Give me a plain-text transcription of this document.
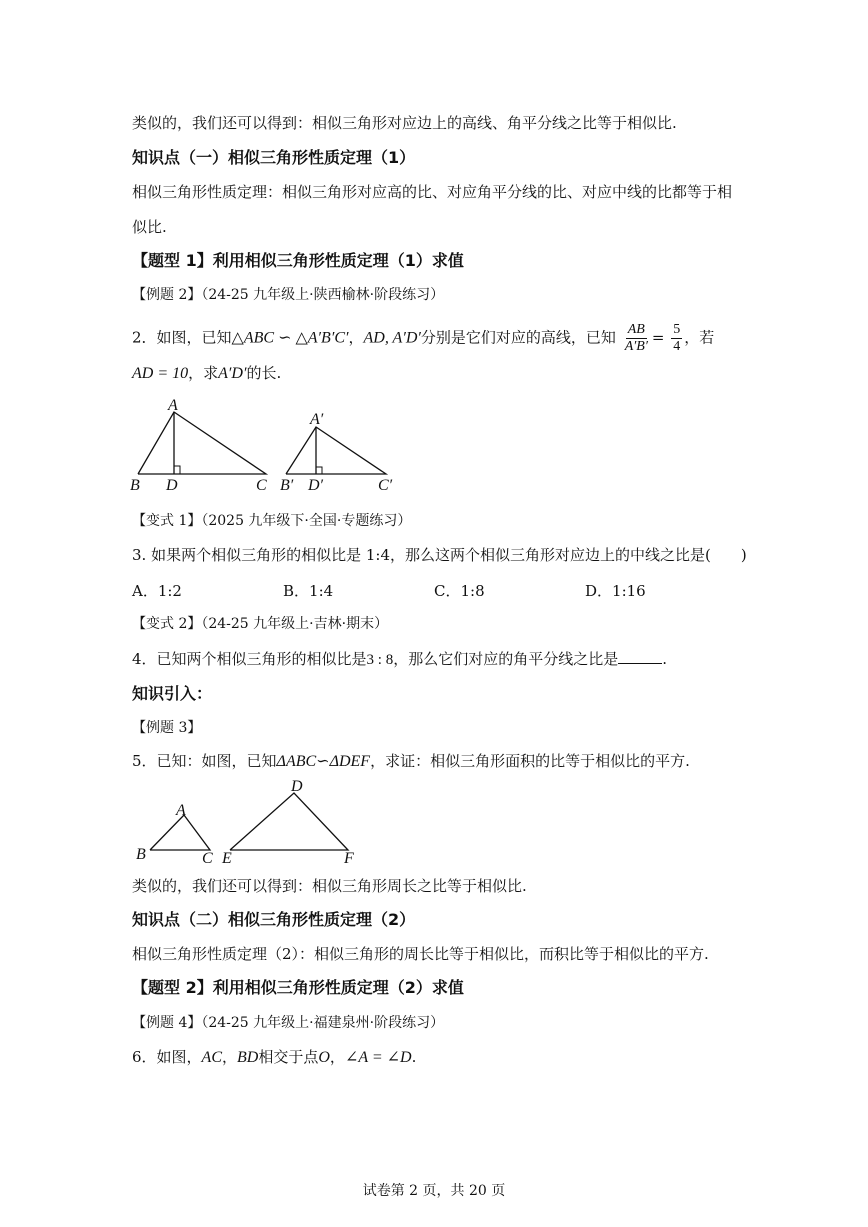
类似的，我们还可以得到：相似三角形对应边上的高线、角平分线之比等于相似比.
知识点（一）相似三角形性质定理（1）
相似三角形性质定理：相似三角形对应高的比、对应角平分线的比、对应中线的比都等于相
似比.
【题型 1】利用相似三角形性质定理（1）求值
【例题 2】（24-25 九年级上·陕西榆林·阶段练习）
2．如图，已知△ABC ∽ △A′B′C′，AD, A′D′分别是它们对应的高线，已知 $\frac{AB}{A'B'} = \frac{5}{4}$ ，若
AD = 10，求A′D′的长.
A
B D	C
A′
B′ D′	C′
【变式 1】（2025 九年级下·全国·专题练习）
3. 如果两个相似三角形的相似比是 1:4，那么这两个相似三角形对应边上的中线之比是(　　)
A．1:2	B．1:4	C．1:8	D．1:16
【变式 2】（24-25 九年级上·吉林·期末）
4．已知两个相似三角形的相似比是3 : 8，那么它们对应的角平分线之比是	.
知识引入：
【例题 3】
5．已知：如图，已知ΔABC∽ΔDEF，求证：相似三角形面积的比等于相似比的平方.
A
B	C
D
E	F
类似的，我们还可以得到：相似三角形周长之比等于相似比.
知识点（二）相似三角形性质定理（2）
相似三角形性质定理（2）：相似三角形的周长比等于相似比，而积比等于相似比的平方.
【题型 2】利用相似三角形性质定理（2）求值
【例题 4】（24-25 九年级上·福建泉州·阶段练习）
6．如图，AC，BD相交于点O，∠A = ∠D.
试卷第 2 页，共 20 页
